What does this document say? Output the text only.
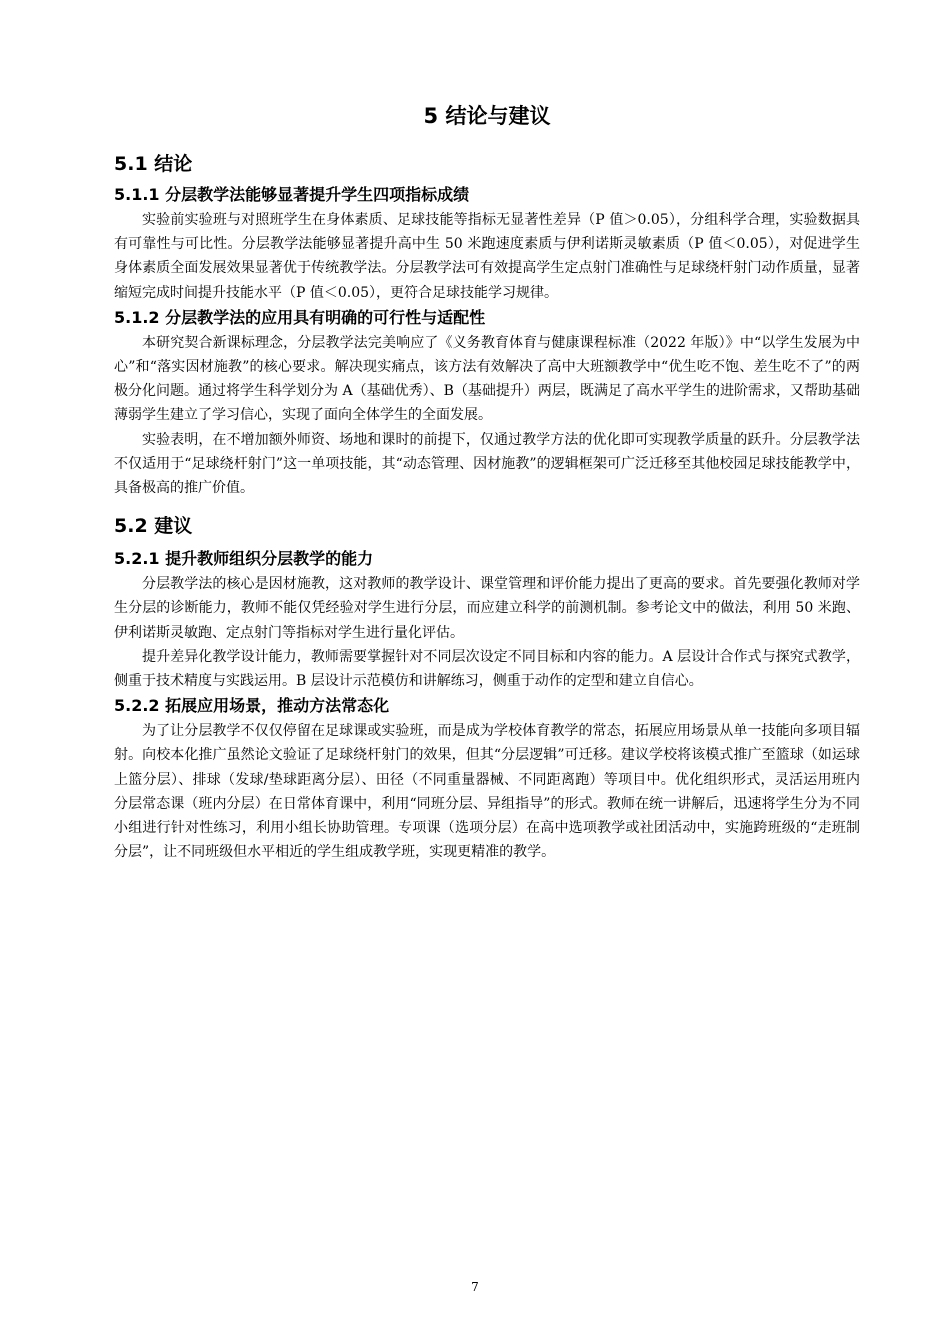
5 结论与建议
5.1 结论
5.1.1 分层教学法能够显著提升学生四项指标成绩

实验前实验班与对照班学生在身体素质、足球技能等指标无显著性差异（P 值＞0.05），分组科学合理，实验数据具有可靠性与可比性。分层教学法能够显著提升高中生 50 米跑速度素质与伊利诺斯灵敏素质（P 值＜0.05），对促进学生身体素质全面发展效果显著优于传统教学法。分层教学法可有效提高学生定点射门准确性与足球绕杆射门动作质量，显著缩短完成时间提升技能水平（P 值＜0.05），更符合足球技能学习规律。

5.1.2 分层教学法的应用具有明确的可行性与适配性

本研究契合新课标理念，分层教学法完美响应了《义务教育体育与健康课程标准（2022 年版）》中“以学生发展为中心”和“落实因材施教”的核心要求。解决现实痛点，该方法有效解决了高中大班额教学中“优生吃不饱、差生吃不了”的两极分化问题。通过将学生科学划分为 A（基础优秀）、B（基础提升）两层，既满足了高水平学生的进阶需求，又帮助基础薄弱学生建立了学习信心，实现了面向全体学生的全面发展。

实验表明，在不增加额外师资、场地和课时的前提下，仅通过教学方法的优化即可实现教学质量的跃升。分层教学法不仅适用于“足球绕杆射门”这一单项技能，其“动态管理、因材施教”的逻辑框架可广泛迁移至其他校园足球技能教学中，具备极高的推广价值。

5.2 建议
5.2.1 提升教师组织分层教学的能力

分层教学法的核心是因材施教，这对教师的教学设计、课堂管理和评价能力提出了更高的要求。首先要强化教师对学生分层的诊断能力，教师不能仅凭经验对学生进行分层，而应建立科学的前测机制。参考论文中的做法，利用 50 米跑、伊利诺斯灵敏跑、定点射门等指标对学生进行量化评估。

提升差异化教学设计能力，教师需要掌握针对不同层次设定不同目标和内容的能力。A 层设计合作式与探究式教学，侧重于技术精度与实践运用。B 层设计示范模仿和讲解练习，侧重于动作的定型和建立自信心。

5.2.2 拓展应用场景，推动方法常态化

为了让分层教学不仅仅停留在足球课或实验班，而是成为学校体育教学的常态，拓展应用场景从单一技能向多项目辐射。向校本化推广虽然论文验证了足球绕杆射门的效果，但其“分层逻辑”可迁移。建议学校将该模式推广至篮球（如运球上篮分层）、排球（发球/垫球距离分层）、田径（不同重量器械、不同距离跑）等项目中。优化组织形式，灵活运用班内分层常态课（班内分层）在日常体育课中，利用“同班分层、异组指导”的形式。教师在统一讲解后，迅速将学生分为不同小组进行针对性练习，利用小组长协助管理。专项课（选项分层）在高中选项教学或社团活动中，实施跨班级的“走班制分层”，让不同班级但水平相近的学生组成教学班，实现更精准的教学。

7
